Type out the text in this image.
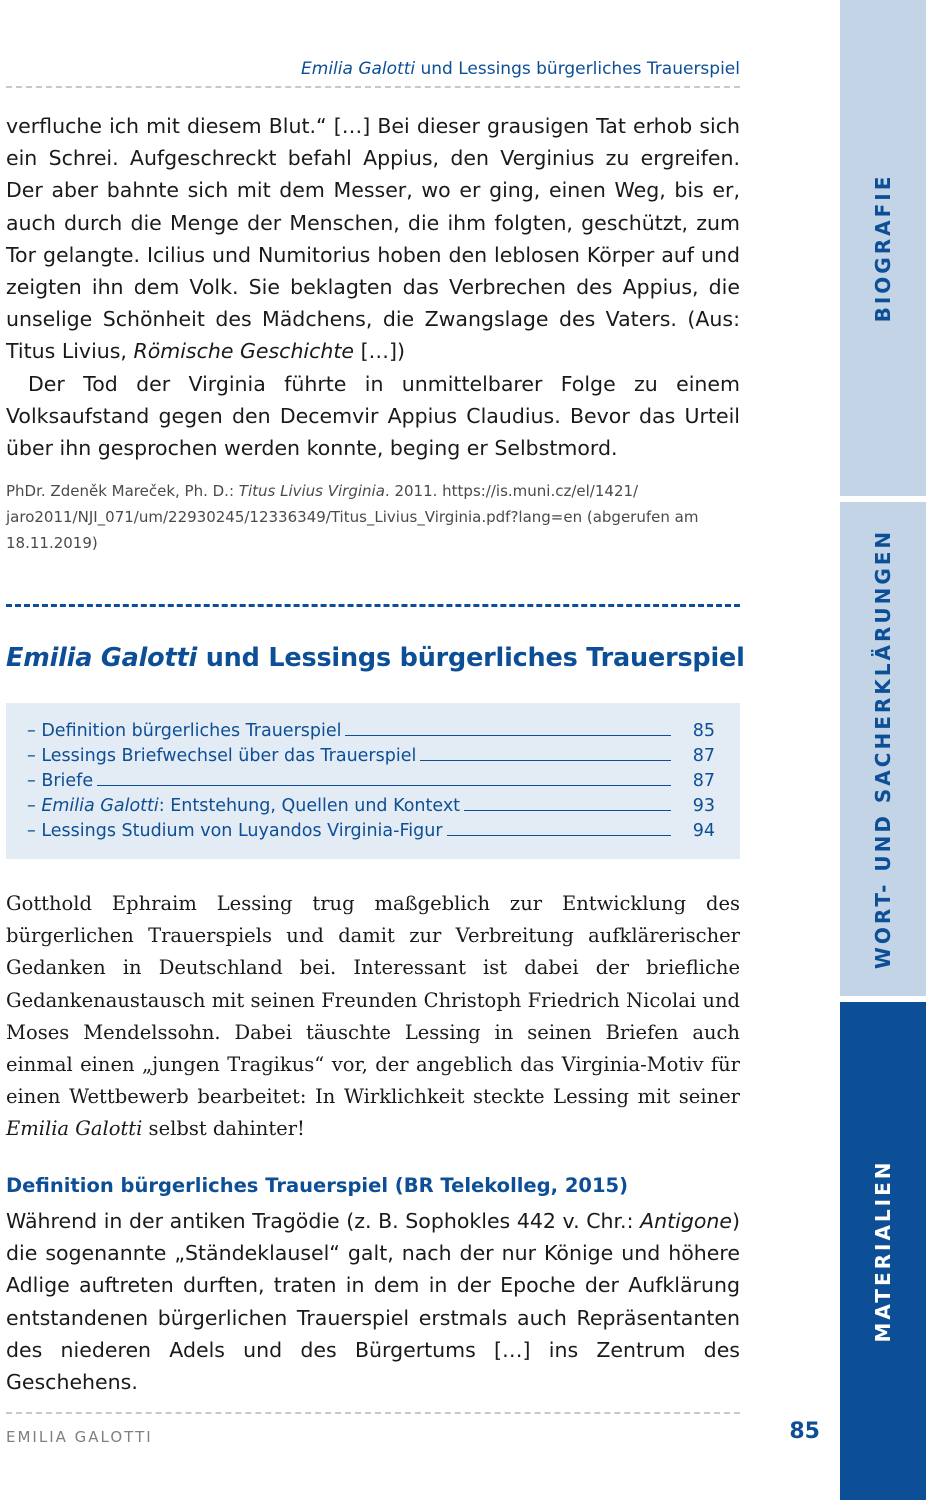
Emilia Galotti und Lessings bürgerliches Trauerspiel

verfluche ich mit diesem Blut.“ […] Bei dieser grausigen Tat erhob sich ein Schrei. Aufgeschreckt befahl Appius, den Verginius zu ergreifen. Der aber bahnte sich mit dem Messer, wo er ging, einen Weg, bis er, auch durch die Menge der Menschen, die ihm folgten, geschützt, zum Tor gelangte. Icilius und Numitorius hoben den leblosen Körper auf und zeigten ihn dem Volk. Sie beklagten das Verbrechen des Appius, die unselige Schönheit des Mädchens, die Zwangslage des Vaters. (Aus: Titus Livius, Römische Geschichte […])

Der Tod der Virginia führte in unmittelbarer Folge zu einem Volksaufstand gegen den Decemvir Appius Claudius. Bevor das Urteil über ihn gesprochen werden konnte, beging er Selbstmord.

PhDr. Zdeněk Mareček, Ph. D.: Titus Livius Virginia. 2011. https://is.muni.cz/el/1421/ jaro2011/NJI_071/um/22930245/12336349/Titus_Livius_Virginia.pdf?lang=en (abgerufen am 18.11.2019)
Emilia Galotti und Lessings bürgerliches Trauerspiel
– Definition bürgerliches Trauerspiel	85
– Lessings Briefwechsel über das Trauerspiel	87
– Briefe	87
– Emilia Galotti: Entstehung, Quellen und Kontext	93
– Lessings Studium von Luyandos Virginia-Figur	94

Gotthold Ephraim Lessing trug maßgeblich zur Entwicklung des bürgerlichen Trauerspiels und damit zur Verbreitung aufklärerischer Gedanken in Deutschland bei. Interessant ist dabei der briefliche Gedankenaustausch mit seinen Freunden Christoph Friedrich Nicolai und Moses Mendelssohn. Dabei täuschte Lessing in seinen Briefen auch einmal einen „jungen Tragikus“ vor, der angeblich das Virginia-Motiv für einen Wettbewerb bearbeitet: In Wirklichkeit steckte Lessing mit seiner Emilia Galotti selbst dahinter!

Definition bürgerliches Trauerspiel (BR Telekolleg, 2015)

Während in der antiken Tragödie (z. B. Sophokles 442 v. Chr.: Antigone) die sogenannte „Ständeklausel“ galt, nach der nur Könige und höhere Adlige auftreten durften, traten in dem in der Epoche der Aufklärung entstandenen bürgerlichen Trauerspiel erstmals auch Repräsentanten des niederen Adels und des Bürgertums […] ins Zentrum des Geschehens.

EMILIA GALOTTI	85
BIOGRAFIE
WORT- UND SACHERKLÄRUNGEN
MATERIALIEN
